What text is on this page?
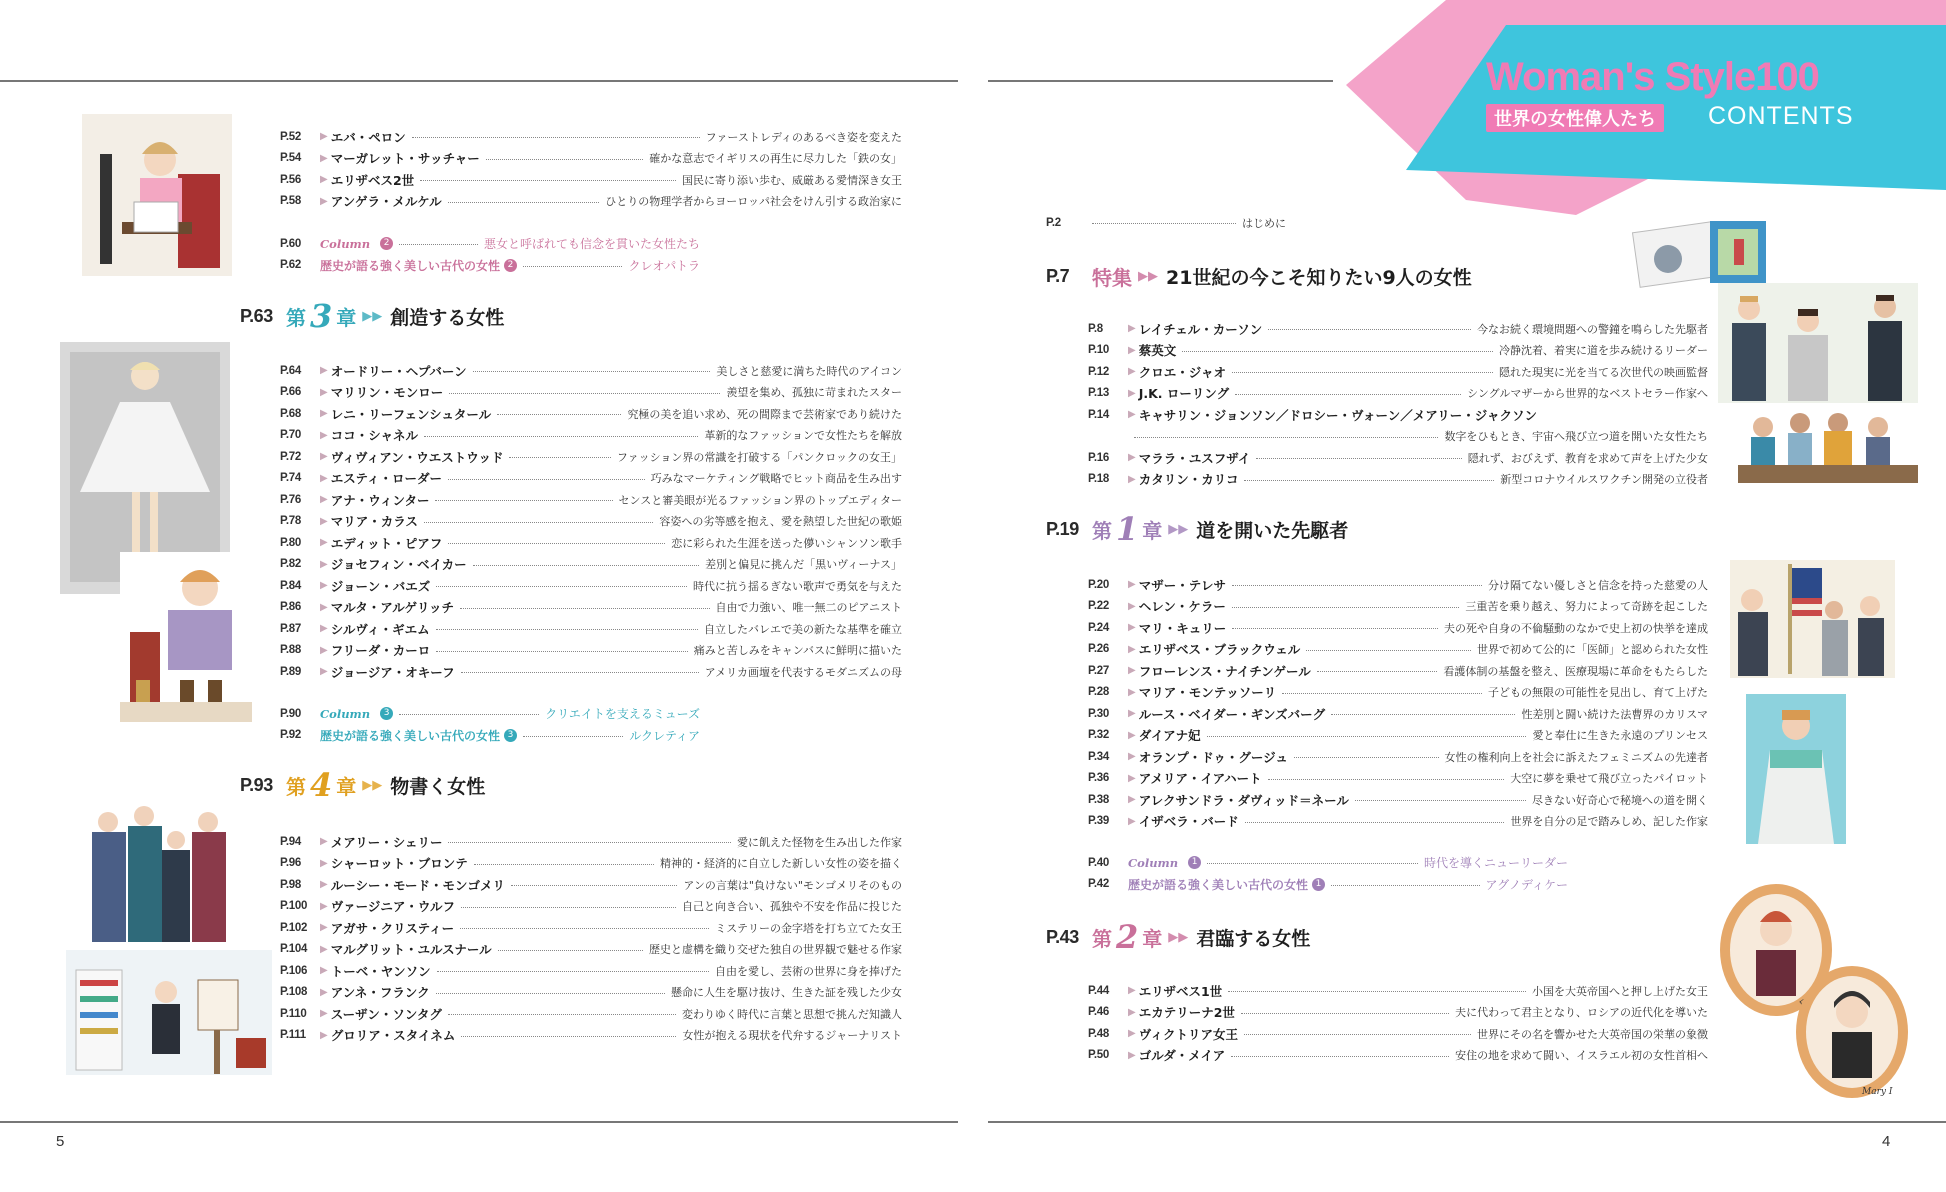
5	4
Woman's Style100
世界の女性偉人たち	CONTENTS
P.2	はじめに
P.7	特集 ▶▶ 21世紀の今こそ知りたい9人の女性
P.8	▶ レイチェル・カーソン	今なお続く環境問題への警鐘を鳴らした先駆者
P.10	▶ 蔡英文	冷静沈着、着実に道を歩み続けるリーダー
P.12	▶ クロエ・ジャオ	隠れた現実に光を当てる次世代の映画監督
P.13	▶ J.K. ローリング	シングルマザーから世界的なベストセラー作家へ
P.14	▶ キャサリン・ジョンソン／ドロシー・ヴォーン／メアリー・ジャクソン
数字をひもとき、宇宙へ飛び立つ道を開いた女性たち
P.16	▶ マララ・ユスフザイ	隠れず、おびえず、教育を求めて声を上げた少女
P.18	▶ カタリン・カリコ	新型コロナウイルスワクチン開発の立役者
P.19 第 1 章 ▶▶ 道を開いた先駆者
P.20	▶ マザー・テレサ	分け隔てない優しさと信念を持った慈愛の人
P.22	▶ ヘレン・ケラー	三重苦を乗り越え、努力によって奇跡を起こした
P.24	▶ マリ・キュリー	夫の死や自身の不倫騒動のなかで史上初の快挙を達成
P.26	▶ エリザベス・ブラックウェル	世界で初めて公的に「医師」と認められた女性
P.27	▶ フローレンス・ナイチンゲール	看護体制の基盤を整え、医療現場に革命をもたらした
P.28	▶ マリア・モンテッソーリ	子どもの無限の可能性を見出し、育て上げた
P.30	▶ ルース・ベイダー・ギンズバーグ	性差別と闘い続けた法曹界のカリスマ
P.32	▶ ダイアナ妃	愛と奉仕に生きた永遠のプリンセス
P.34	▶ オランプ・ドゥ・グージュ	女性の権利向上を社会に訴えたフェミニズムの先達者
P.36	▶ アメリア・イアハート	大空に夢を乗せて飛び立ったパイロット
P.38	▶ アレクサンドラ・ダヴィッド＝ネール	尽きない好奇心で秘境への道を開く
P.39	▶ イザベラ・バード	世界を自分の足で踏みしめ、記した作家
P.40	Column	1	時代を導くニューリーダー
P.42	歴史が語る強く美しい古代の女性 1	アグノディケー
P.43 第 2 章 ▶▶ 君臨する女性
P.44	▶ エリザベス1世	小国を大英帝国へと押し上げた女王
P.46	▶ エカテリーナ2世	夫に代わって君主となり、ロシアの近代化を導いた
P.48	▶ ヴィクトリア女王	世界にその名を響かせた大英帝国の栄華の象徴
P.50	▶ ゴルダ・メイア	安住の地を求めて闘い、イスラエル初の女性首相へ
Mary I
P.52	▶ エバ・ペロン	ファーストレディのあるべき姿を変えた
P.54	▶ マーガレット・サッチャー	確かな意志でイギリスの再生に尽力した「鉄の女」
P.56	▶ エリザベス2世	国民に寄り添い歩む、威厳ある愛情深き女王
P.58	▶ アンゲラ・メルケル	ひとりの物理学者からヨーロッパ社会をけん引する政治家に
P.60	Column	2	悪女と呼ばれても信念を貫いた女性たち
P.62	歴史が語る強く美しい古代の女性 2	クレオパトラ
P.63 第 3 章 ▶▶ 創造する女性
P.64	▶ オードリー・ヘプバーン	美しさと慈愛に満ちた時代のアイコン
P.66	▶ マリリン・モンロー	羨望を集め、孤独に苛まれたスター
P.68	▶ レニ・リーフェンシュタール	究極の美を追い求め、死の間際まで芸術家であり続けた
P.70	▶ ココ・シャネル	革新的なファッションで女性たちを解放
P.72	▶ ヴィヴィアン・ウエストウッド	ファッション界の常識を打破する「パンクロックの女王」
P.74	▶ エスティ・ローダー	巧みなマーケティング戦略でヒット商品を生み出す
P.76	▶ アナ・ウィンター	センスと審美眼が光るファッション界のトップエディター
P.78	▶ マリア・カラス	容姿への劣等感を抱え、愛を熱望した世紀の歌姫
P.80	▶ エディット・ピアフ	恋に彩られた生涯を送った儚いシャンソン歌手
P.82	▶ ジョセフィン・ベイカー	差別と偏見に挑んだ「黒いヴィーナス」
P.84	▶ ジョーン・バエズ	時代に抗う揺るぎない歌声で勇気を与えた
P.86	▶ マルタ・アルゲリッチ	自由で力強い、唯一無二のピアニスト
P.87	▶ シルヴィ・ギエム	自立したバレエで美の新たな基準を確立
P.88	▶ フリーダ・カーロ	痛みと苦しみをキャンバスに鮮明に描いた
P.89	▶ ジョージア・オキーフ	アメリカ画壇を代表するモダニズムの母
P.90	Column	3	クリエイトを支えるミューズ
P.92	歴史が語る強く美しい古代の女性 3	ルクレティア
P.93 第 4 章 ▶▶ 物書く女性
P.94	▶ メアリー・シェリー	愛に飢えた怪物を生み出した作家
P.96	▶ シャーロット・ブロンテ	精神的・経済的に自立した新しい女性の姿を描く
P.98	▶ ルーシー・モード・モンゴメリ	アンの言葉は"負けない"モンゴメリそのもの
P.100	▶ ヴァージニア・ウルフ	自己と向き合い、孤独や不安を作品に投じた
P.102	▶ アガサ・クリスティー	ミステリーの金字塔を打ち立てた女王
P.104	▶ マルグリット・ユルスナール	歴史と虚構を織り交ぜた独自の世界観で魅せる作家
P.106	▶ トーベ・ヤンソン	自由を愛し、芸術の世界に身を捧げた
P.108	▶ アンネ・フランク	懸命に人生を駆け抜け、生きた証を残した少女
P.110	▶ スーザン・ソンタグ	変わりゆく時代に言葉と思想で挑んだ知識人
P.111	▶ グロリア・スタイネム	女性が抱える現状を代弁するジャーナリスト
